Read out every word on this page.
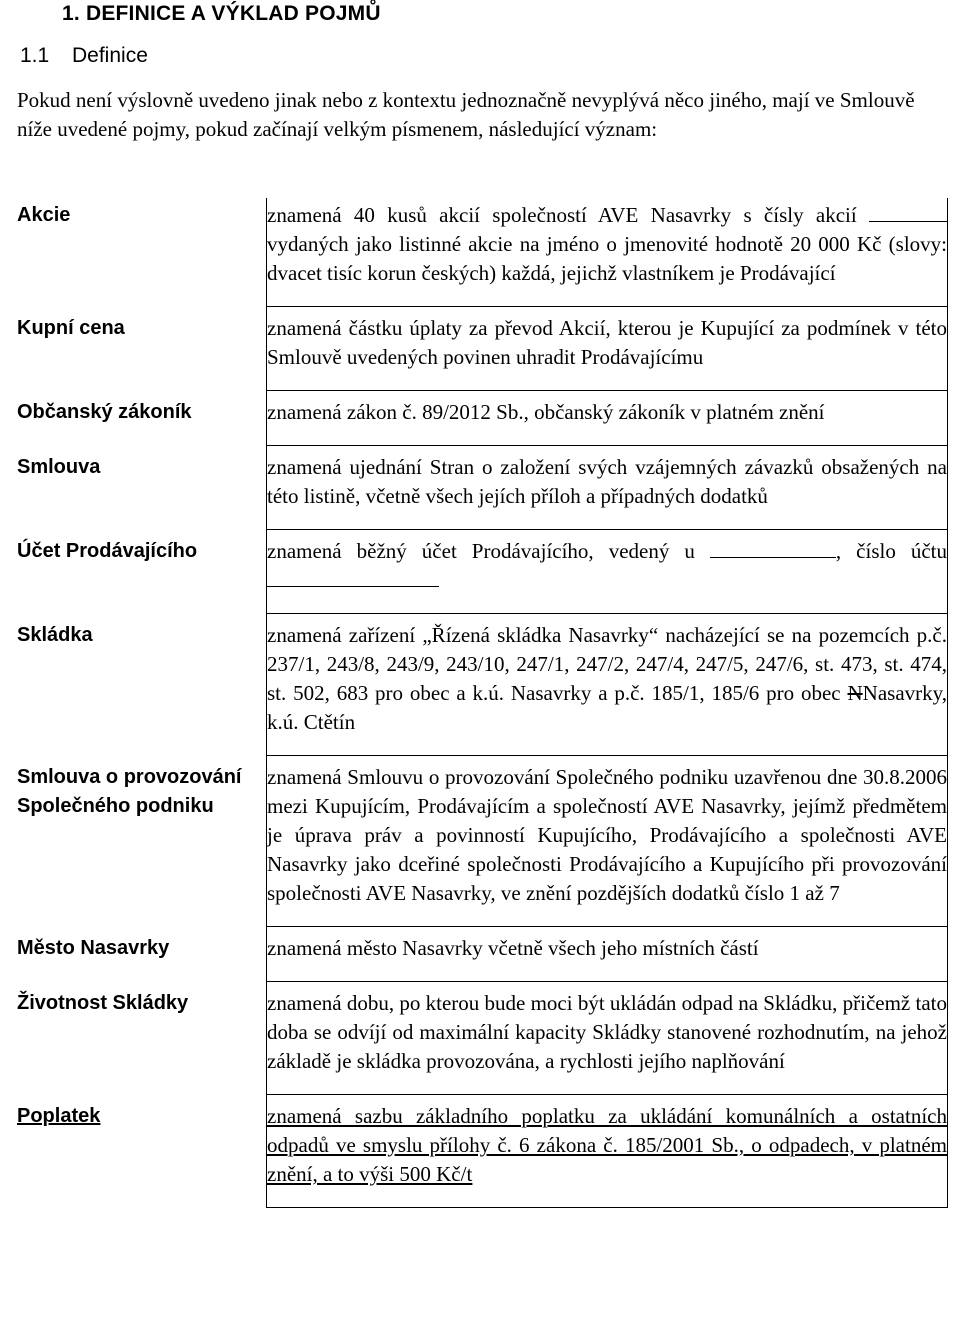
1. DEFINICE A VÝKLAD POJMŮ
1.1 Definice
Pokud není výslovně uvedeno jinak nebo z kontextu jednoznačně nevyplývá něco jiného, mají ve Smlouvě níže uvedené pojmy, pokud začínají velkým písmenem, následující význam:
Akcie	znamená 40 kusů akcií společností AVE Nasavrky s čísly akcií  vydaných jako listinné akcie na jméno o jmenovité hodnotě 20 000 Kč (slovy: dvacet tisíc korun českých) každá, jejichž vlastníkem je Prodávající
Kupní cena	znamená částku úplaty za převod Akcií, kterou je Kupující za podmínek v této Smlouvě uvedených povinen uhradit Prodávajícímu
Občanský zákoník	znamená zákon č. 89/2012 Sb., občanský zákoník v platném znění
Smlouva	znamená ujednání Stran o založení svých vzájemných závazků obsažených na této listině, včetně všech jejích příloh a případných dodatků
Účet Prodávajícího	znamená běžný účet Prodávajícího, vedený u , číslo účtu
Skládka	znamená zařízení „Řízená skládka Nasavrky“ nacházející se na pozemcích p.č. 237/1, 243/8, 243/9, 243/10, 247/1, 247/2, 247/4, 247/5, 247/6, st. 473, st. 474, st. 502, 683 pro obec a k.ú. Nasavrky a p.č. 185/1, 185/6 pro obec NNasavrky, k.ú. Ctětín
Smlouva o provozování Společného podniku	znamená Smlouvu o provozování Společného podniku uzavřenou dne 30.8.2006 mezi Kupujícím, Prodávajícím a společností AVE Nasavrky, jejímž předmětem je úprava práv a povinností Kupujícího, Prodávajícího a společnosti AVE Nasavrky jako dceřiné společnosti Prodávajícího a Kupujícího při provozování společnosti AVE Nasavrky, ve znění pozdějších dodatků číslo 1 až 7
Město Nasavrky	znamená město Nasavrky včetně všech jeho místních částí
Životnost Skládky	znamená dobu, po kterou bude moci být ukládán odpad na Skládku, přičemž tato doba se odvíjí od maximální kapacity Skládky stanovené rozhodnutím, na jehož základě je skládka provozována, a rychlosti jejího naplňování
Poplatek	znamená sazbu základního poplatku za ukládání komunálních a ostatních odpadů ve smyslu přílohy č. 6 zákona č. 185/2001 Sb., o odpadech, v platném znění, a to výši 500 Kč/t
